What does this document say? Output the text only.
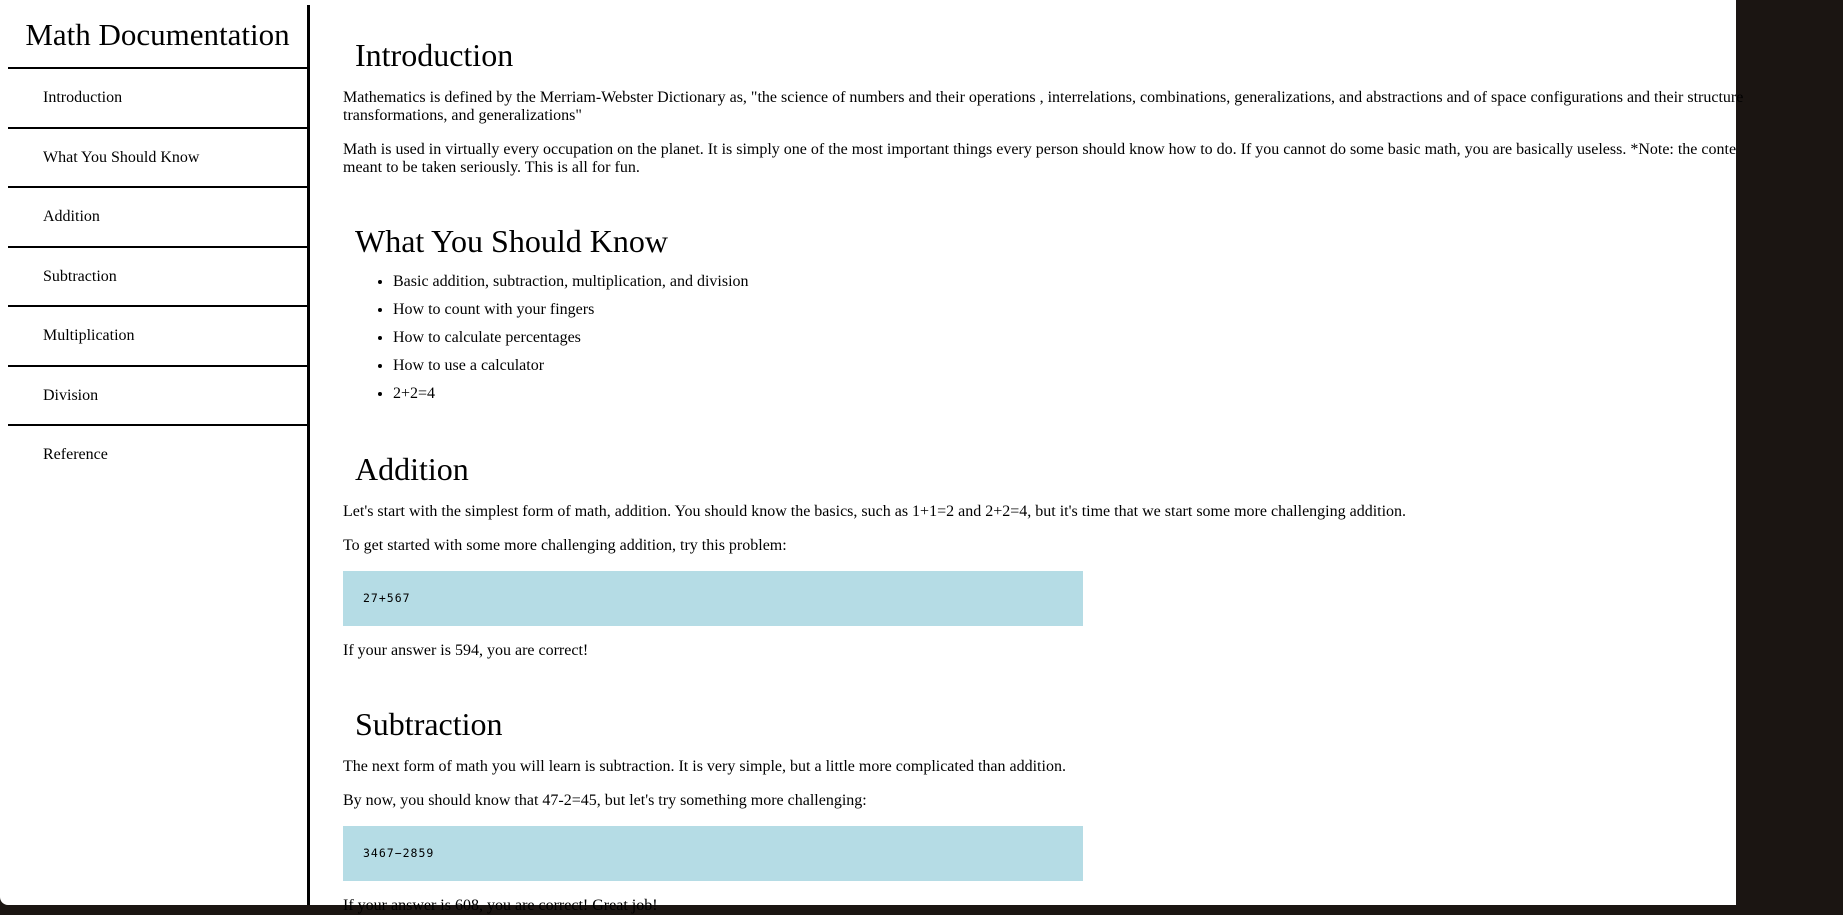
Math Documentation
Introduction
What You Should Know
Addition
Subtraction
Multiplication
Division
Reference
Introduction

Mathematics is defined by the Merriam-Webster Dictionary as, "the science of numbers and their operations , interrelations, combinations, generalizations, and abstractions and of space configurations and their structure

transformations, and generalizations"

Math is used in virtually every occupation on the planet. It is simply one of the most important things every person should know how to do. If you cannot do some basic math, you are basically useless. *Note: the conte

meant to be taken seriously. This is all for fun.

What You Should Know
• Basic addition, subtraction, multiplication, and division
• How to count with your fingers
• How to calculate percentages
• How to use a calculator
• 2+2=4
Addition

Let's start with the simplest form of math, addition. You should know the basics, such as 1+1=2 and 2+2=4, but it's time that we start some more challenging addition.

To get started with some more challenging addition, try this problem:

27+567

If your answer is 594, you are correct!

Subtraction

The next form of math you will learn is subtraction. It is very simple, but a little more complicated than addition.

By now, you should know that 47-2=45, but let's try something more challenging:

3467−2859

If your answer is 608, you are correct! Great job!
